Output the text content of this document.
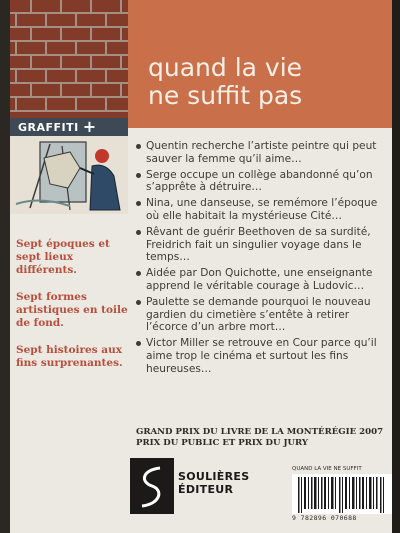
quand la vie
ne suffit pas
GRAFFITI +
Quentin recherche l’artiste peintre qui peut sauver la femme qu’il aime…
Serge occupe un collège abandonné qu’on s’apprête à détruire…
Nina, une danseuse, se remémore l’époque où elle habitait la mystérieuse Cité…
Rêvant de guérir Beethoven de sa surdité, Freidrich fait un singulier voyage dans le temps…
Aidée par Don Quichotte, une enseignante apprend le véritable courage à Ludovic…
Paulette se demande pourquoi le nouveau gardien du cimetière s’entête à retirer l’écorce d’un arbre mort…
Victor Miller se retrouve en Cour parce qu’il aime trop le cinéma et surtout les fins heureuses…

Sept époques et sept lieux différents.

Sept formes artistiques en toile de fond.

Sept histoires aux fins surprenantes.

GRAND PRIX DU LIVRE DE LA MONTÉRÉGIE 2007
PRIX DU PUBLIC ET PRIX DU JURY
SOULIÈRES
ÉDITEUR
QUAND LA VIE NE SUFFIT
9 782896 070688
